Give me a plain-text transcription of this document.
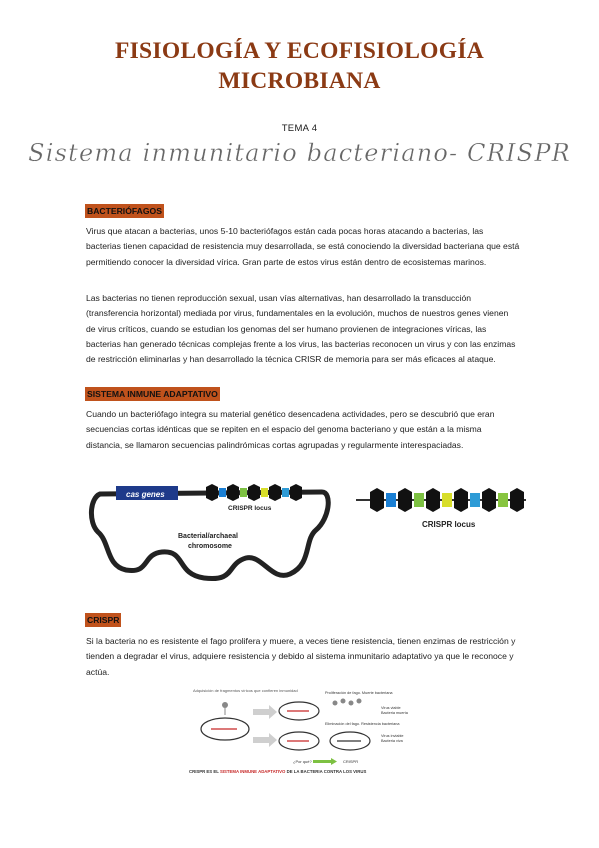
FISIOLOGÍA Y ECOFISIOLOGÍA
MICROBIANA
TEMA 4
Sistema inmunitario bacteriano- CRISPR
BACTERIÓFAGOS

Virus que atacan a bacterias, unos 5-10 bacteriófagos están cada pocas horas atacando a bacterias, las bacterias tienen capacidad de resistencia muy desarrollada, se está conociendo la diversidad bacteriana que está permitiendo conocer la diversidad vírica. Gran parte de estos virus están dentro de ecosistemas marinos.

Las bacterias no tienen reproducción sexual, usan vías alternativas, han desarrollado la transducción (transferencia horizontal) mediada por virus, fundamentales en la evolución, muchos de nuestros genes vienen de virus críticos, cuando se estudian los genomas del ser humano provienen de integraciones víricas, las bacterias han generado técnicas complejas frente a los virus, las bacterias reconocen un virus y con las enzimas de restricción eliminarlas y han desarrollado la técnica CRISR de memoria para ser más eficaces al ataque.

SISTEMA INMUNE ADAPTATIVO

Cuando un bacteriófago integra su material genético desencadena actividades, pero se descubrió que eran secuencias cortas idénticas que se repiten en el espacio del genoma bacteriano y que están a la misma distancia, se llamaron secuencias palindrómicas cortas agrupadas y regularmente interespaciadas.

cas genes
CRISPR locus
Bacterial/archaeal
chromosome
CRISPR locus
CRISPR

Si la bacteria no es resistente el fago prolifera y muere, a veces tiene resistencia, tienen enzimas de restricción y tienden a degradar el virus, adquiere resistencia y debido al sistema inmunitario adaptativo ya que le reconoce y actúa.

Adquisición de fragmentos víricos que confieren inmunidad	Proliferación de fago. Muerte bacteriana
Virus viable
Bacteria muerta
Eliminación del fago. Resistencia bacteriana
Virus inviable
Bacteria viva
¿Por qué?	CRISPR
CRISPR ES EL SISTEMA INMUNE ADAPTATIVO DE LA BACTERIA CONTRA LOS VIRUS
